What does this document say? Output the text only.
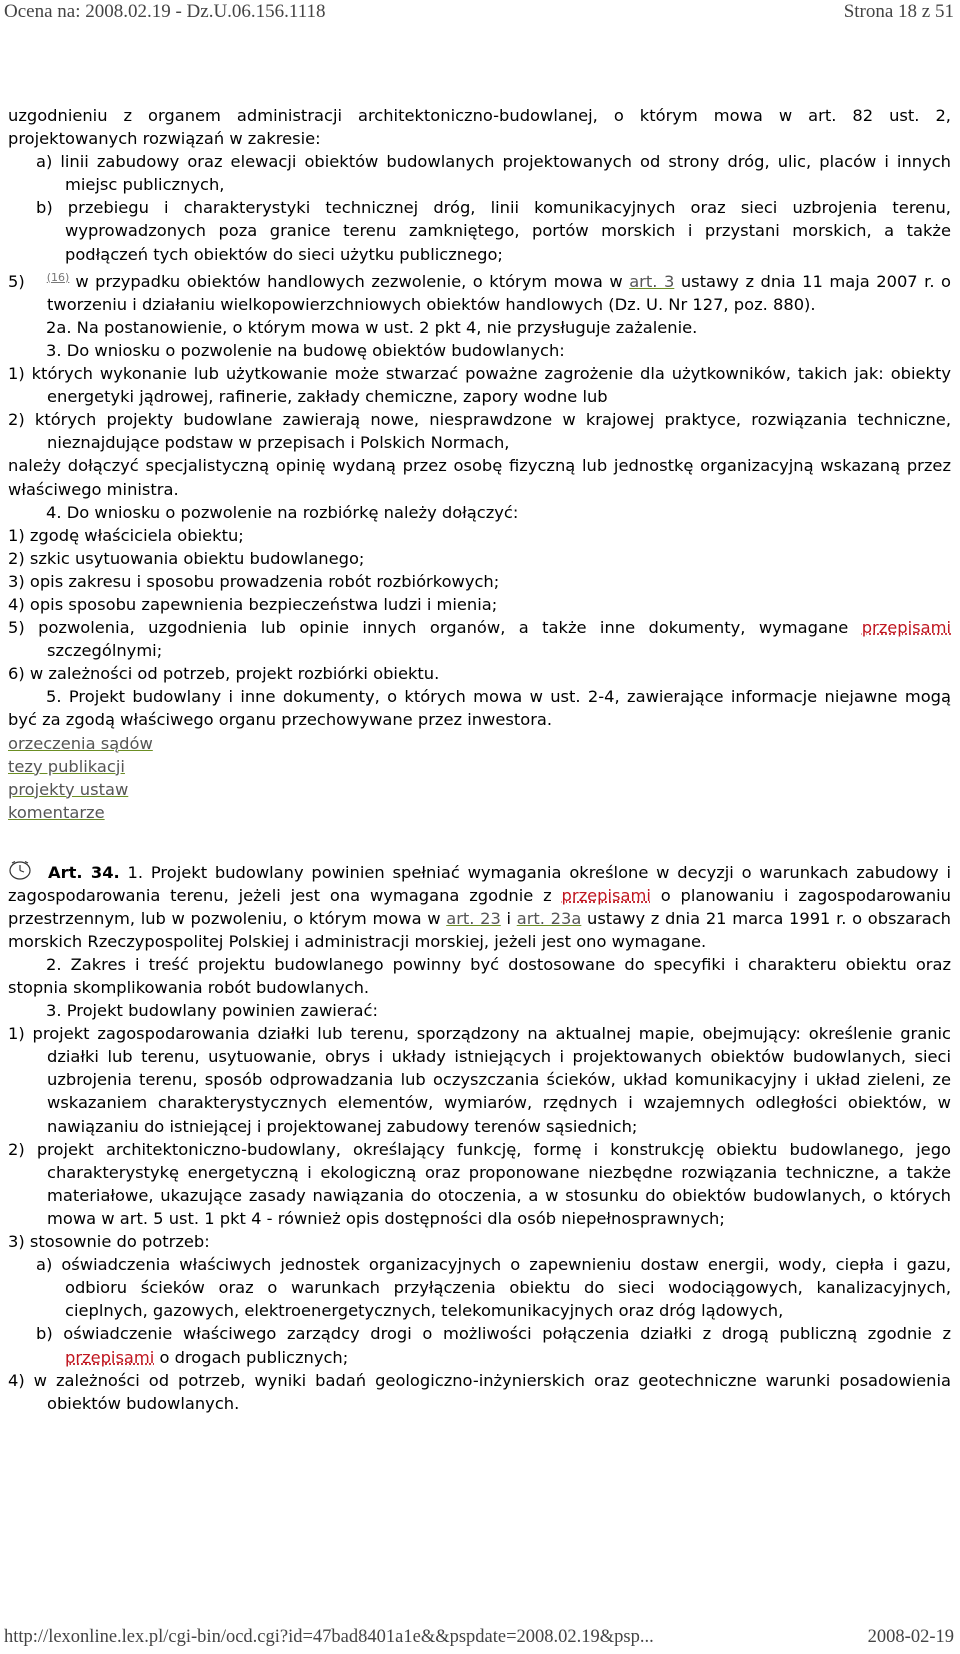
Ocena na: 2008.02.19 - Dz.U.06.156.1118	Strona 18 z 51

uzgodnieniu z organem administracji architektoniczno-budowlanej, o którym mowa w art. 82 ust. 2, projektowanych rozwiązań w zakresie:

a) linii zabudowy oraz elewacji obiektów budowlanych projektowanych od strony dróg, ulic, placów i innych miejsc publicznych,

b) przebiegu i charakterystyki technicznej dróg, linii komunikacyjnych oraz sieci uzbrojenia terenu, wyprowadzonych poza granice terenu zamkniętego, portów morskich i przystani morskich, a także podłączeń tych obiektów do sieci użytku publicznego;

5) $^{(16)}$ w przypadku obiektów handlowych zezwolenie, o którym mowa w art. 3 ustawy z dnia 11 maja 2007 r. o tworzeniu i działaniu wielkopowierzchniowych obiektów handlowych (Dz. U. Nr 127, poz. 880).

2a. Na postanowienie, o którym mowa w ust. 2 pkt 4, nie przysługuje zażalenie.

3. Do wniosku o pozwolenie na budowę obiektów budowlanych:

1) których wykonanie lub użytkowanie może stwarzać poważne zagrożenie dla użytkowników, takich jak: obiekty energetyki jądrowej, rafinerie, zakłady chemiczne, zapory wodne lub

2) których projekty budowlane zawierają nowe, niesprawdzone w krajowej praktyce, rozwiązania techniczne, nieznajdujące podstaw w przepisach i Polskich Normach,

należy dołączyć specjalistyczną opinię wydaną przez osobę fizyczną lub jednostkę organizacyjną wskazaną przez właściwego ministra.

4. Do wniosku o pozwolenie na rozbiórkę należy dołączyć:

1) zgodę właściciela obiektu;

2) szkic usytuowania obiektu budowlanego;

3) opis zakresu i sposobu prowadzenia robót rozbiórkowych;

4) opis sposobu zapewnienia bezpieczeństwa ludzi i mienia;

5) pozwolenia, uzgodnienia lub opinie innych organów, a także inne dokumenty, wymagane przepisami szczególnymi;

6) w zależności od potrzeb, projekt rozbiórki obiektu.

5. Projekt budowlany i inne dokumenty, o których mowa w ust. 2-4, zawierające informacje niejawne mogą być za zgodą właściwego organu przechowywane przez inwestora.

orzeczenia sądów
tezy publikacji
projekty ustaw
komentarze

Art. 34. 1. Projekt budowlany powinien spełniać wymagania określone w decyzji o warunkach zabudowy i zagospodarowania terenu, jeżeli jest ona wymagana zgodnie z przepisami o planowaniu i zagospodarowaniu przestrzennym, lub w pozwoleniu, o którym mowa w art. 23 i art. 23a ustawy z dnia 21 marca 1991 r. o obszarach morskich Rzeczypospolitej Polskiej i administracji morskiej, jeżeli jest ono wymagane.

2. Zakres i treść projektu budowlanego powinny być dostosowane do specyfiki i charakteru obiektu oraz stopnia skomplikowania robót budowlanych.

3. Projekt budowlany powinien zawierać:

1) projekt zagospodarowania działki lub terenu, sporządzony na aktualnej mapie, obejmujący: określenie granic działki lub terenu, usytuowanie, obrys i układy istniejących i projektowanych obiektów budowlanych, sieci uzbrojenia terenu, sposób odprowadzania lub oczyszczania ścieków, układ komunikacyjny i układ zieleni, ze wskazaniem charakterystycznych elementów, wymiarów, rzędnych i wzajemnych odległości obiektów, w nawiązaniu do istniejącej i projektowanej zabudowy terenów sąsiednich;

2) projekt architektoniczno-budowlany, określający funkcję, formę i konstrukcję obiektu budowlanego, jego charakterystykę energetyczną i ekologiczną oraz proponowane niezbędne rozwiązania techniczne, a także materiałowe, ukazujące zasady nawiązania do otoczenia, a w stosunku do obiektów budowlanych, o których mowa w art. 5 ust. 1 pkt 4 - również opis dostępności dla osób niepełnosprawnych;

3) stosownie do potrzeb:

a) oświadczenia właściwych jednostek organizacyjnych o zapewnieniu dostaw energii, wody, ciepła i gazu, odbioru ścieków oraz o warunkach przyłączenia obiektu do sieci wodociągowych, kanalizacyjnych, cieplnych, gazowych, elektroenergetycznych, telekomunikacyjnych oraz dróg lądowych,

b) oświadczenie właściwego zarządcy drogi o możliwości połączenia działki z drogą publiczną zgodnie z przepisami o drogach publicznych;

4) w zależności od potrzeb, wyniki badań geologiczno-inżynierskich oraz geotechniczne warunki posadowienia obiektów budowlanych.

http://lexonline.lex.pl/cgi-bin/ocd.cgi?id=47bad8401a1e&&pspdate=2008.02.19&psp...	2008-02-19
